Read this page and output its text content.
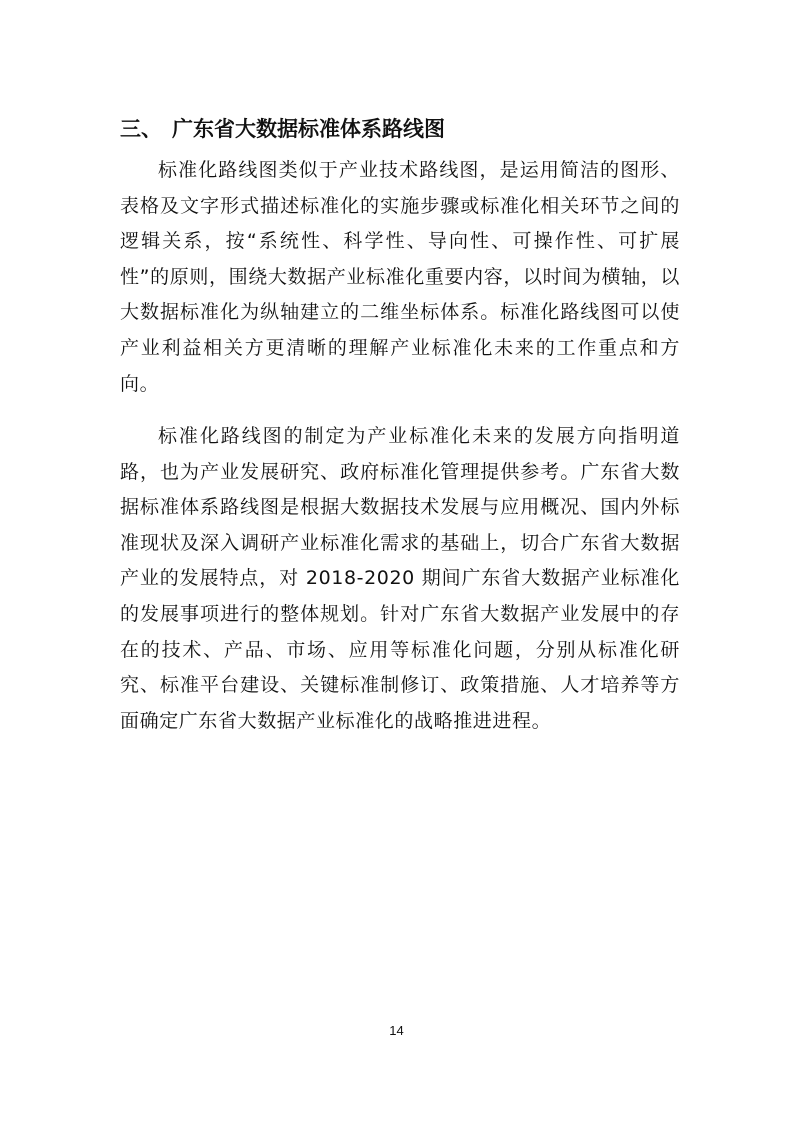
三、 广东省大数据标准体系路线图

标准化路线图类似于产业技术路线图，是运用简洁的图形、表格及文字形式描述标准化的实施步骤或标准化相关环节之间的逻辑关系，按“系统性、科学性、导向性、可操作性、可扩展性”的原则，围绕大数据产业标准化重要内容，以时间为横轴，以大数据标准化为纵轴建立的二维坐标体系。标准化路线图可以使产业利益相关方更清晰的理解产业标准化未来的工作重点和方向。

标准化路线图的制定为产业标准化未来的发展方向指明道路，也为产业发展研究、政府标准化管理提供参考。广东省大数据标准体系路线图是根据大数据技术发展与应用概况、国内外标准现状及深入调研产业标准化需求的基础上，切合广东省大数据产业的发展特点，对 2018-2020 期间广东省大数据产业标准化的发展事项进行的整体规划。针对广东省大数据产业发展中的存在的技术、产品、市场、应用等标准化问题，分别从标准化研究、标准平台建设、关键标准制修订、政策措施、人才培养等方面确定广东省大数据产业标准化的战略推进进程。

14
